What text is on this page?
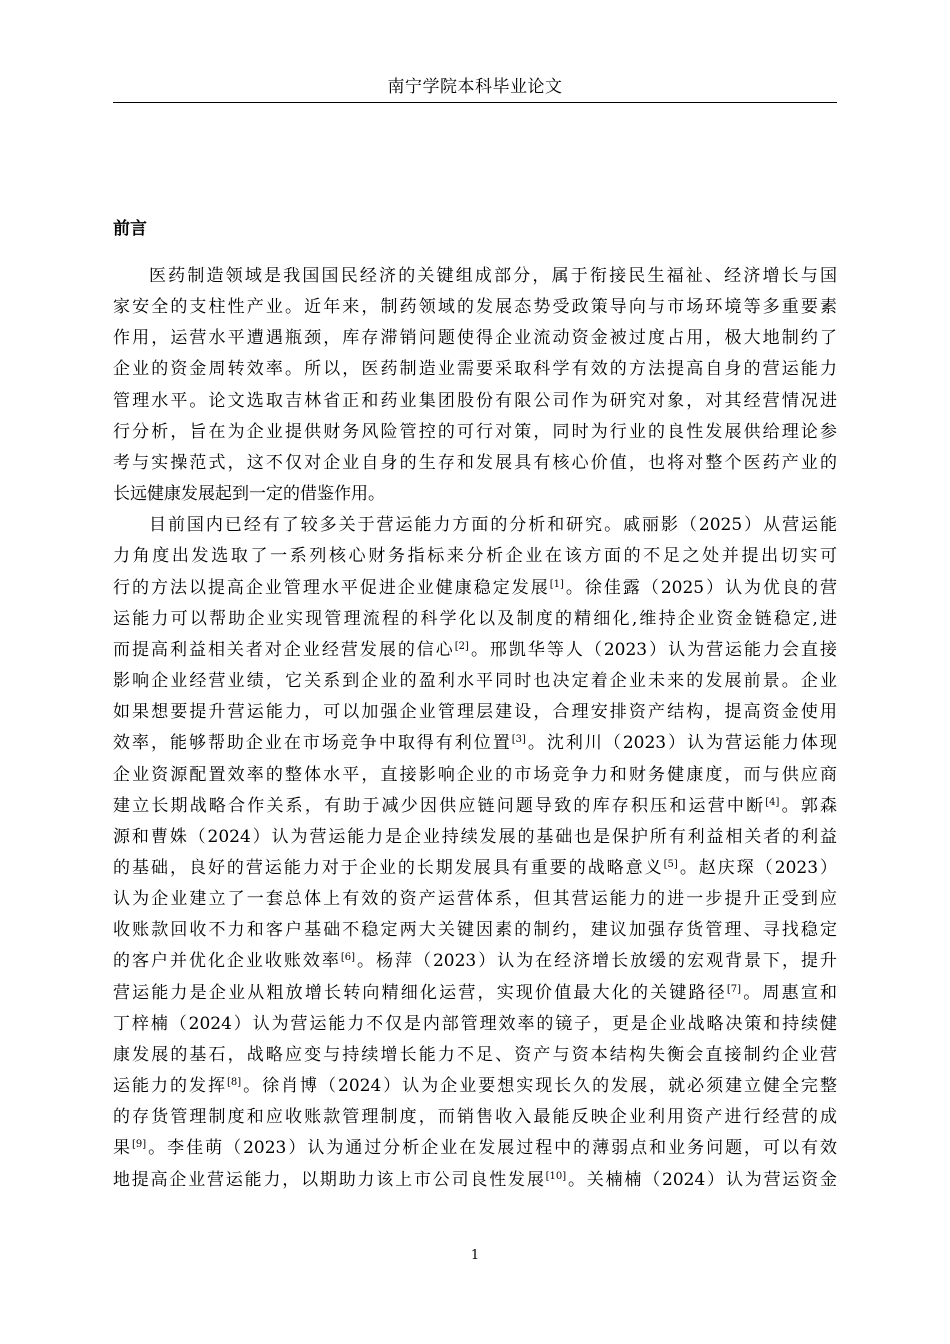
南宁学院本科毕业论文
前言

医药制造领域是我国国民经济的关键组成部分，属于衔接民生福祉、经济增长与国
家安全的支柱性产业。近年来，制药领域的发展态势受政策导向与市场环境等多重要素
作用，运营水平遭遇瓶颈，库存滞销问题使得企业流动资金被过度占用，极大地制约了
企业的资金周转效率。所以，医药制造业需要采取科学有效的方法提高自身的营运能力
管理水平。论文选取吉林省正和药业集团股份有限公司作为研究对象，对其经营情况进
行分析，旨在为企业提供财务风险管控的可行对策，同时为行业的良性发展供给理论参
考与实操范式，这不仅对企业自身的生存和发展具有核心价值，也将对整个医药产业的
长远健康发展起到一定的借鉴作用。

目前国内已经有了较多关于营运能力方面的分析和研究。戚丽影（2025）从营运能
力角度出发选取了一系列核心财务指标来分析企业在该方面的不足之处并提出切实可
行的方法以提高企业管理水平促进企业健康稳定发展[1]。徐佳露（2025）认为优良的营
运能力可以帮助企业实现管理流程的科学化以及制度的精细化,维持企业资金链稳定,进
而提高利益相关者对企业经营发展的信心[2]。邢凯华等人（2023）认为营运能力会直接
影响企业经营业绩，它关系到企业的盈利水平同时也决定着企业未来的发展前景。企业
如果想要提升营运能力，可以加强企业管理层建设，合理安排资产结构，提高资金使用
效率，能够帮助企业在市场竞争中取得有利位置[3]。沈利川（2023）认为营运能力体现
企业资源配置效率的整体水平，直接影响企业的市场竞争力和财务健康度，而与供应商
建立长期战略合作关系，有助于减少因供应链问题导致的库存积压和运营中断[4]。郭森
源和曹姝（2024）认为营运能力是企业持续发展的基础也是保护所有利益相关者的利益
的基础，良好的营运能力对于企业的长期发展具有重要的战略意义[5]。赵庆琛（2023）
认为企业建立了一套总体上有效的资产运营体系，但其营运能力的进一步提升正受到应
收账款回收不力和客户基础不稳定两大关键因素的制约，建议加强存货管理、寻找稳定
的客户并优化企业收账效率[6]。杨萍（2023）认为在经济增长放缓的宏观背景下，提升
营运能力是企业从粗放增长转向精细化运营，实现价值最大化的关键路径[7]。周惠宣和
丁梓楠（2024）认为营运能力不仅是内部管理效率的镜子，更是企业战略决策和持续健
康发展的基石，战略应变与持续增长能力不足、资产与资本结构失衡会直接制约企业营
运能力的发挥[8]。徐肖博（2024）认为企业要想实现长久的发展，就必须建立健全完整
的存货管理制度和应收账款管理制度，而销售收入最能反映企业利用资产进行经营的成
果[9]。李佳萌（2023）认为通过分析企业在发展过程中的薄弱点和业务问题，可以有效
地提高企业营运能力，以期助力该上市公司良性发展[10]。关楠楠（2024）认为营运资金

1
